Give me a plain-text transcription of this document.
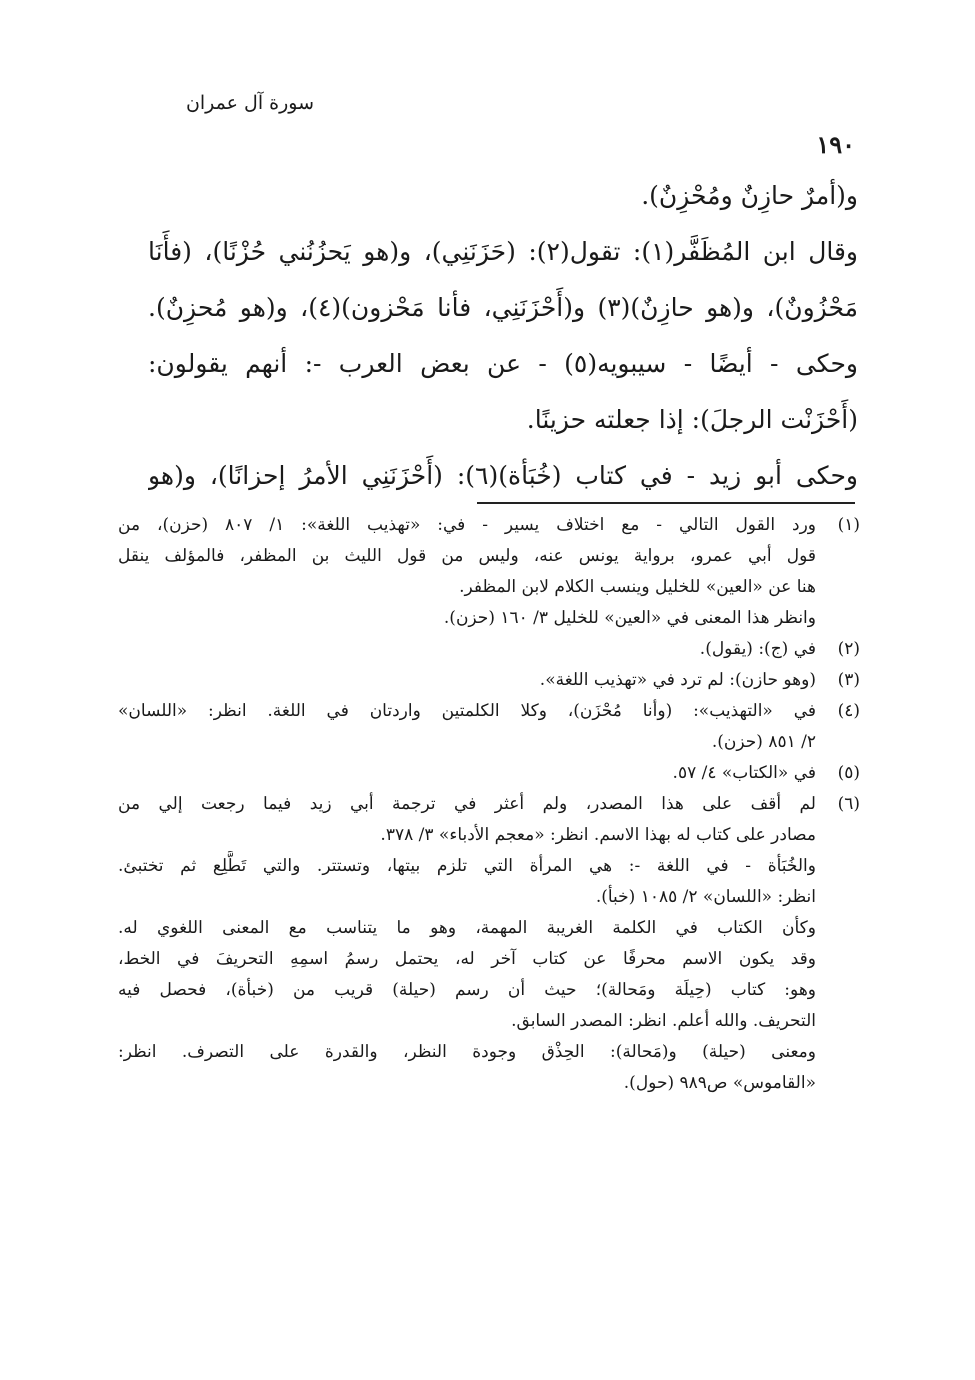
سورة آل عمران
١٩٠
و(أمرٌ حازِنٌ ومُحْزِنٌ).
وقال ابن المُظَفَّر(١): تقول(٢): (حَزَنَنِي)، و(هو يَحزُنُني حُزْنًا)، (فأَنَا
مَحْزُونٌ)، و(هو حازِنٌ)(٣) و(أَحْزَنَنِي، فأنا مَحْزون)(٤)، و(هو مُحزِنٌ).
وحكى - أيضًا - سيبويه(٥) - عن بعض العرب -: أنهم يقولون:
(أَحْزَنْت الرجلَ): إذا جعلته حزينًا.
وحكى أبو زيد - في كتاب (خُبَأة)(٦): (أَحْزَنَنِي الأمرُ إحزانًا)، و(هو
(١)
ورد القول التالي - مع اختلاف يسير - في: «تهذيب اللغة»: ١/ ٨٠٧ (حزن)، من
قول أبي عمرو، برواية يونس عنه، وليس من قول الليث بن المظفر، فالمؤلف ينقل
هنا عن «العين» للخليل وينسب الكلام لابن المظفر.
وانظر هذا المعنى في «العين» للخليل ٣/ ١٦٠ (حزن).
(٢)
في (ج): (يقول).
(٣)
(وهو حازن): لم ترد في «تهذيب اللغة».
(٤)
في «التهذيب»: (وأنا مُحْزَن)، وكلا الكلمتين واردتان في اللغة. انظر: «اللسان»
٢/ ٨٥١ (حزن).
(٥)
في «الكتاب» ٤/ ٥٧.
(٦)
لم أقف على هذا المصدر، ولم أعثر في ترجمة أبي زيد فيما رجعت إلي من
مصادر على كتاب له بهذا الاسم. انظر: «معجم الأدباء» ٣/ ٣٧٨.
والخُبَأة - في اللغة -: هي المرأة التي تلزم بيتها، وتستتر. والتي تَطَّلِع ثم تختبئ.
انظر: «اللسان» ٢/ ١٠٨٥ (خبأ).
وكأن الكتاب في الكلمة الغريبة المهمة، وهو ما يتناسب مع المعنى اللغوي له.
وقد يكون الاسم محرفًا عن كتاب آخر له، يحتمل رسمُ اسمِهِ التحريفَ في الخط،
وهو: كتاب (حِيلَة ومَحالة)؛ حيث أن رسم (حيلة) قريب من (خبأة)، فحصل فيه
التحريف. والله أعلم. انظر: المصدر السابق.
ومعنى (حيلة) و(مَحالة): الحِذْق وجودة النظر، والقدرة على التصرف. انظر:
«القاموس» ص٩٨٩ (حول).
